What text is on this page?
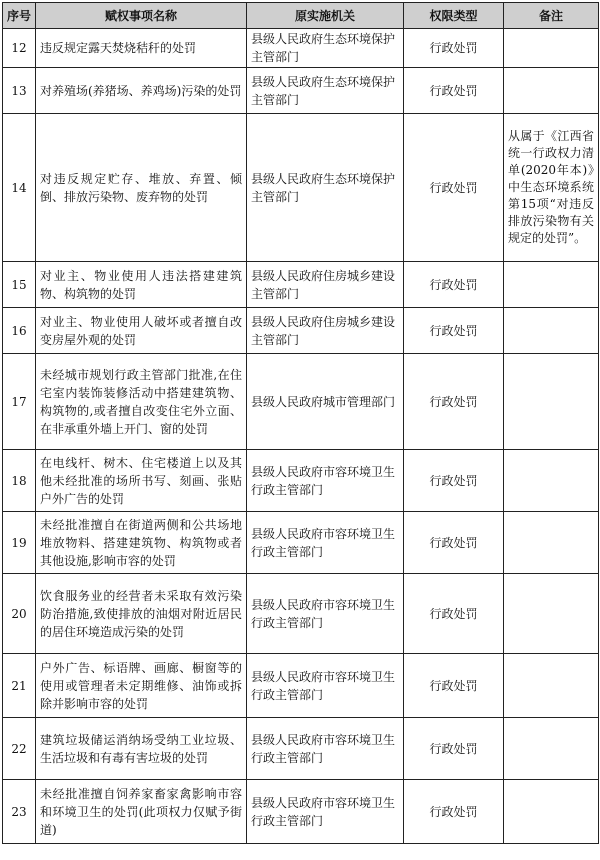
序号	赋权事项名称	原实施机关	权限类型	备注
12	违反规定露天焚烧秸秆的处罚	县级人民政府生态环境保护主管部门	行政处罚	
13	对养殖场(养猪场、养鸡场)污染的处罚	县级人民政府生态环境保护主管部门	行政处罚	
14	对违反规定贮存、堆放、弃置、倾倒、排放污染物、废弃物的处罚	县级人民政府生态环境保护主管部门	行政处罚	从属于《江西省统一行政权力清单(2020年本)》中生态环境系统第15项“对违反排放污染物有关规定的处罚”。
15	对业主、物业使用人违法搭建建筑物、构筑物的处罚	县级人民政府住房城乡建设主管部门	行政处罚	
16	对业主、物业使用人破坏或者擅自改变房屋外观的处罚	县级人民政府住房城乡建设主管部门	行政处罚	
17	未经城市规划行政主管部门批准,在住宅室内装饰装修活动中搭建建筑物、构筑物的,或者擅自改变住宅外立面、在非承重外墙上开门、窗的处罚	县级人民政府城市管理部门	行政处罚	
18	在电线杆、树木、住宅楼道上以及其他未经批准的场所书写、刻画、张贴户外广告的处罚	县级人民政府市容环境卫生行政主管部门	行政处罚	
19	未经批准擅自在街道两侧和公共场地堆放物料、搭建建筑物、构筑物或者其他设施,影响市容的处罚	县级人民政府市容环境卫生行政主管部门	行政处罚	
20	饮食服务业的经营者未采取有效污染防治措施,致使排放的油烟对附近居民的居住环境造成污染的处罚	县级人民政府市容环境卫生行政主管部门	行政处罚	
21	户外广告、标语牌、画廊、橱窗等的使用或管理者未定期维修、油饰或拆除并影响市容的处罚	县级人民政府市容环境卫生行政主管部门	行政处罚	
22	建筑垃圾储运消纳场受纳工业垃圾、生活垃圾和有毒有害垃圾的处罚	县级人民政府市容环境卫生行政主管部门	行政处罚	
23	未经批准擅自饲养家畜家禽影响市容和环境卫生的处罚(此项权力仅赋予街道)	县级人民政府市容环境卫生行政主管部门	行政处罚	
